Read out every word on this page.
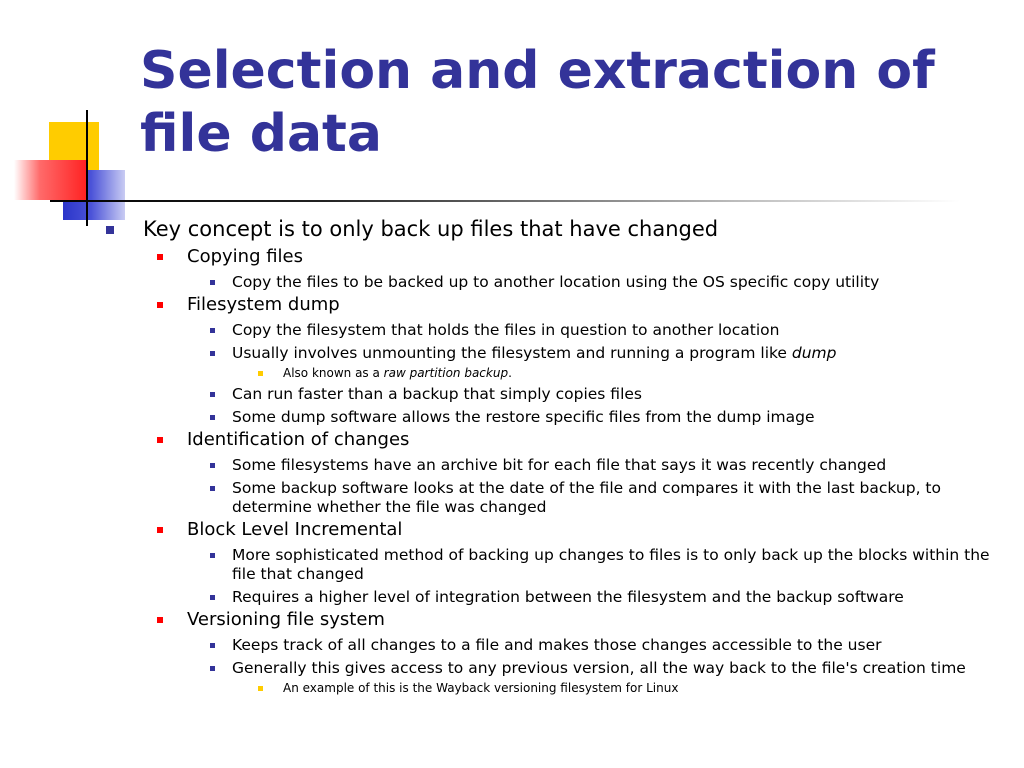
Selection and extraction of file data
Key concept is to only back up files that have changed
Copying files
Copy the files to be backed up to another location using the OS specific copy utility
Filesystem dump
Copy the filesystem that holds the files in question to another location
Usually involves unmounting the filesystem and running a program like dump
Also known as a raw partition backup.
Can run faster than a backup that simply copies files
Some dump software allows the restore specific files from the dump image
Identification of changes
Some filesystems have an archive bit for each file that says it was recently changed
Some backup software looks at the date of the file and compares it with the last backup, to determine whether the file was changed
Block Level Incremental
More sophisticated method of backing up changes to files is to only back up the blocks within the file that changed
Requires a higher level of integration between the filesystem and the backup software
Versioning file system
Keeps track of all changes to a file and makes those changes accessible to the user
Generally this gives access to any previous version, all the way back to the file's creation time
An example of this is the Wayback versioning filesystem for Linux
